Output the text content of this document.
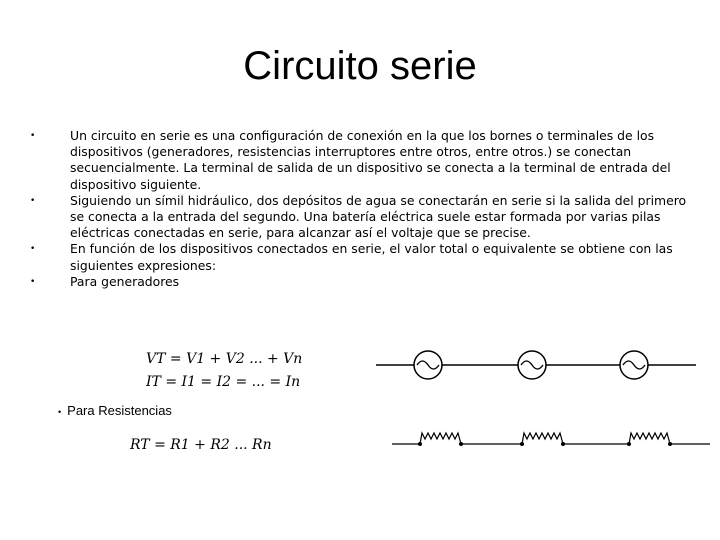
Circuito serie
•	Un circuito en serie es una configuración de conexión en la que los bornes o terminales de los dispositivos (generadores, resistencias interruptores entre otros, entre otros.) se conectan secuencialmente. La terminal de salida de un dispositivo se conecta a la terminal de entrada del dispositivo siguiente.
•	Siguiendo un símil hidráulico, dos depósitos de agua se conectarán en serie si la salida del primero se conecta a la entrada del segundo. Una batería eléctrica suele estar formada por varias pilas eléctricas conectadas en serie, para alcanzar así el voltaje que se precise.
•	En función de los dispositivos conectados en serie, el valor total o equivalente se obtiene con las siguientes expresiones:
•	Para generadores
VT = V1 + V2 ... + Vn
IT = I1 = I2 = ... = In
• Para Resistencias
RT = R1 + R2 ... Rn
